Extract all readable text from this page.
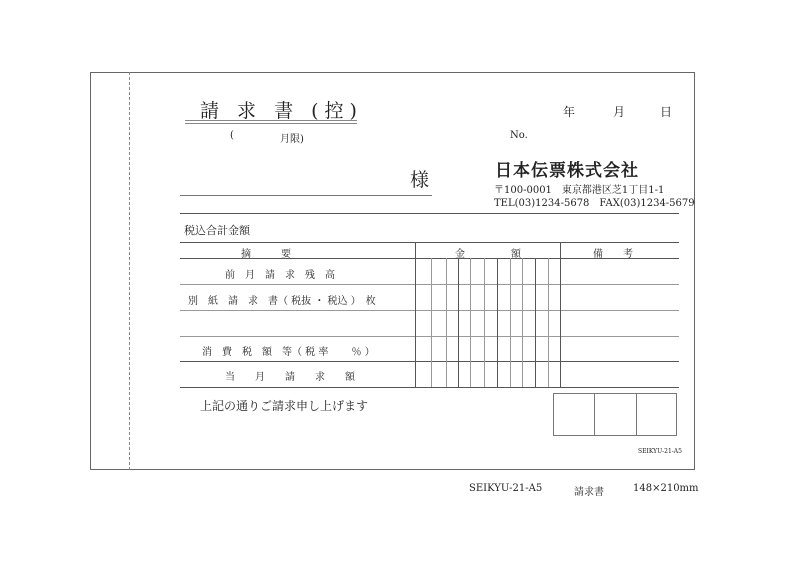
請 求 書 (控)
(	月限)
年	月	日
No.
様	日本伝票株式会社
〒100-0001　東京都港区芝1丁目1-1
TEL(03)1234-5678　FAX(03)1234-5679
税込合計金額
摘　　　要	金	額	備　　考
前　月　請　求　残　高
別　紙　請　求　書（ 税抜 ・ 税込 ）　枚
消　費　税　額　等（ 税 率　　 ％ ）
当　　月　　請　　求　　額
上記の通りご請求申し上げます
SEIKYU-21-A5
SEIKYU-21-A5	請求書	148×210mm
